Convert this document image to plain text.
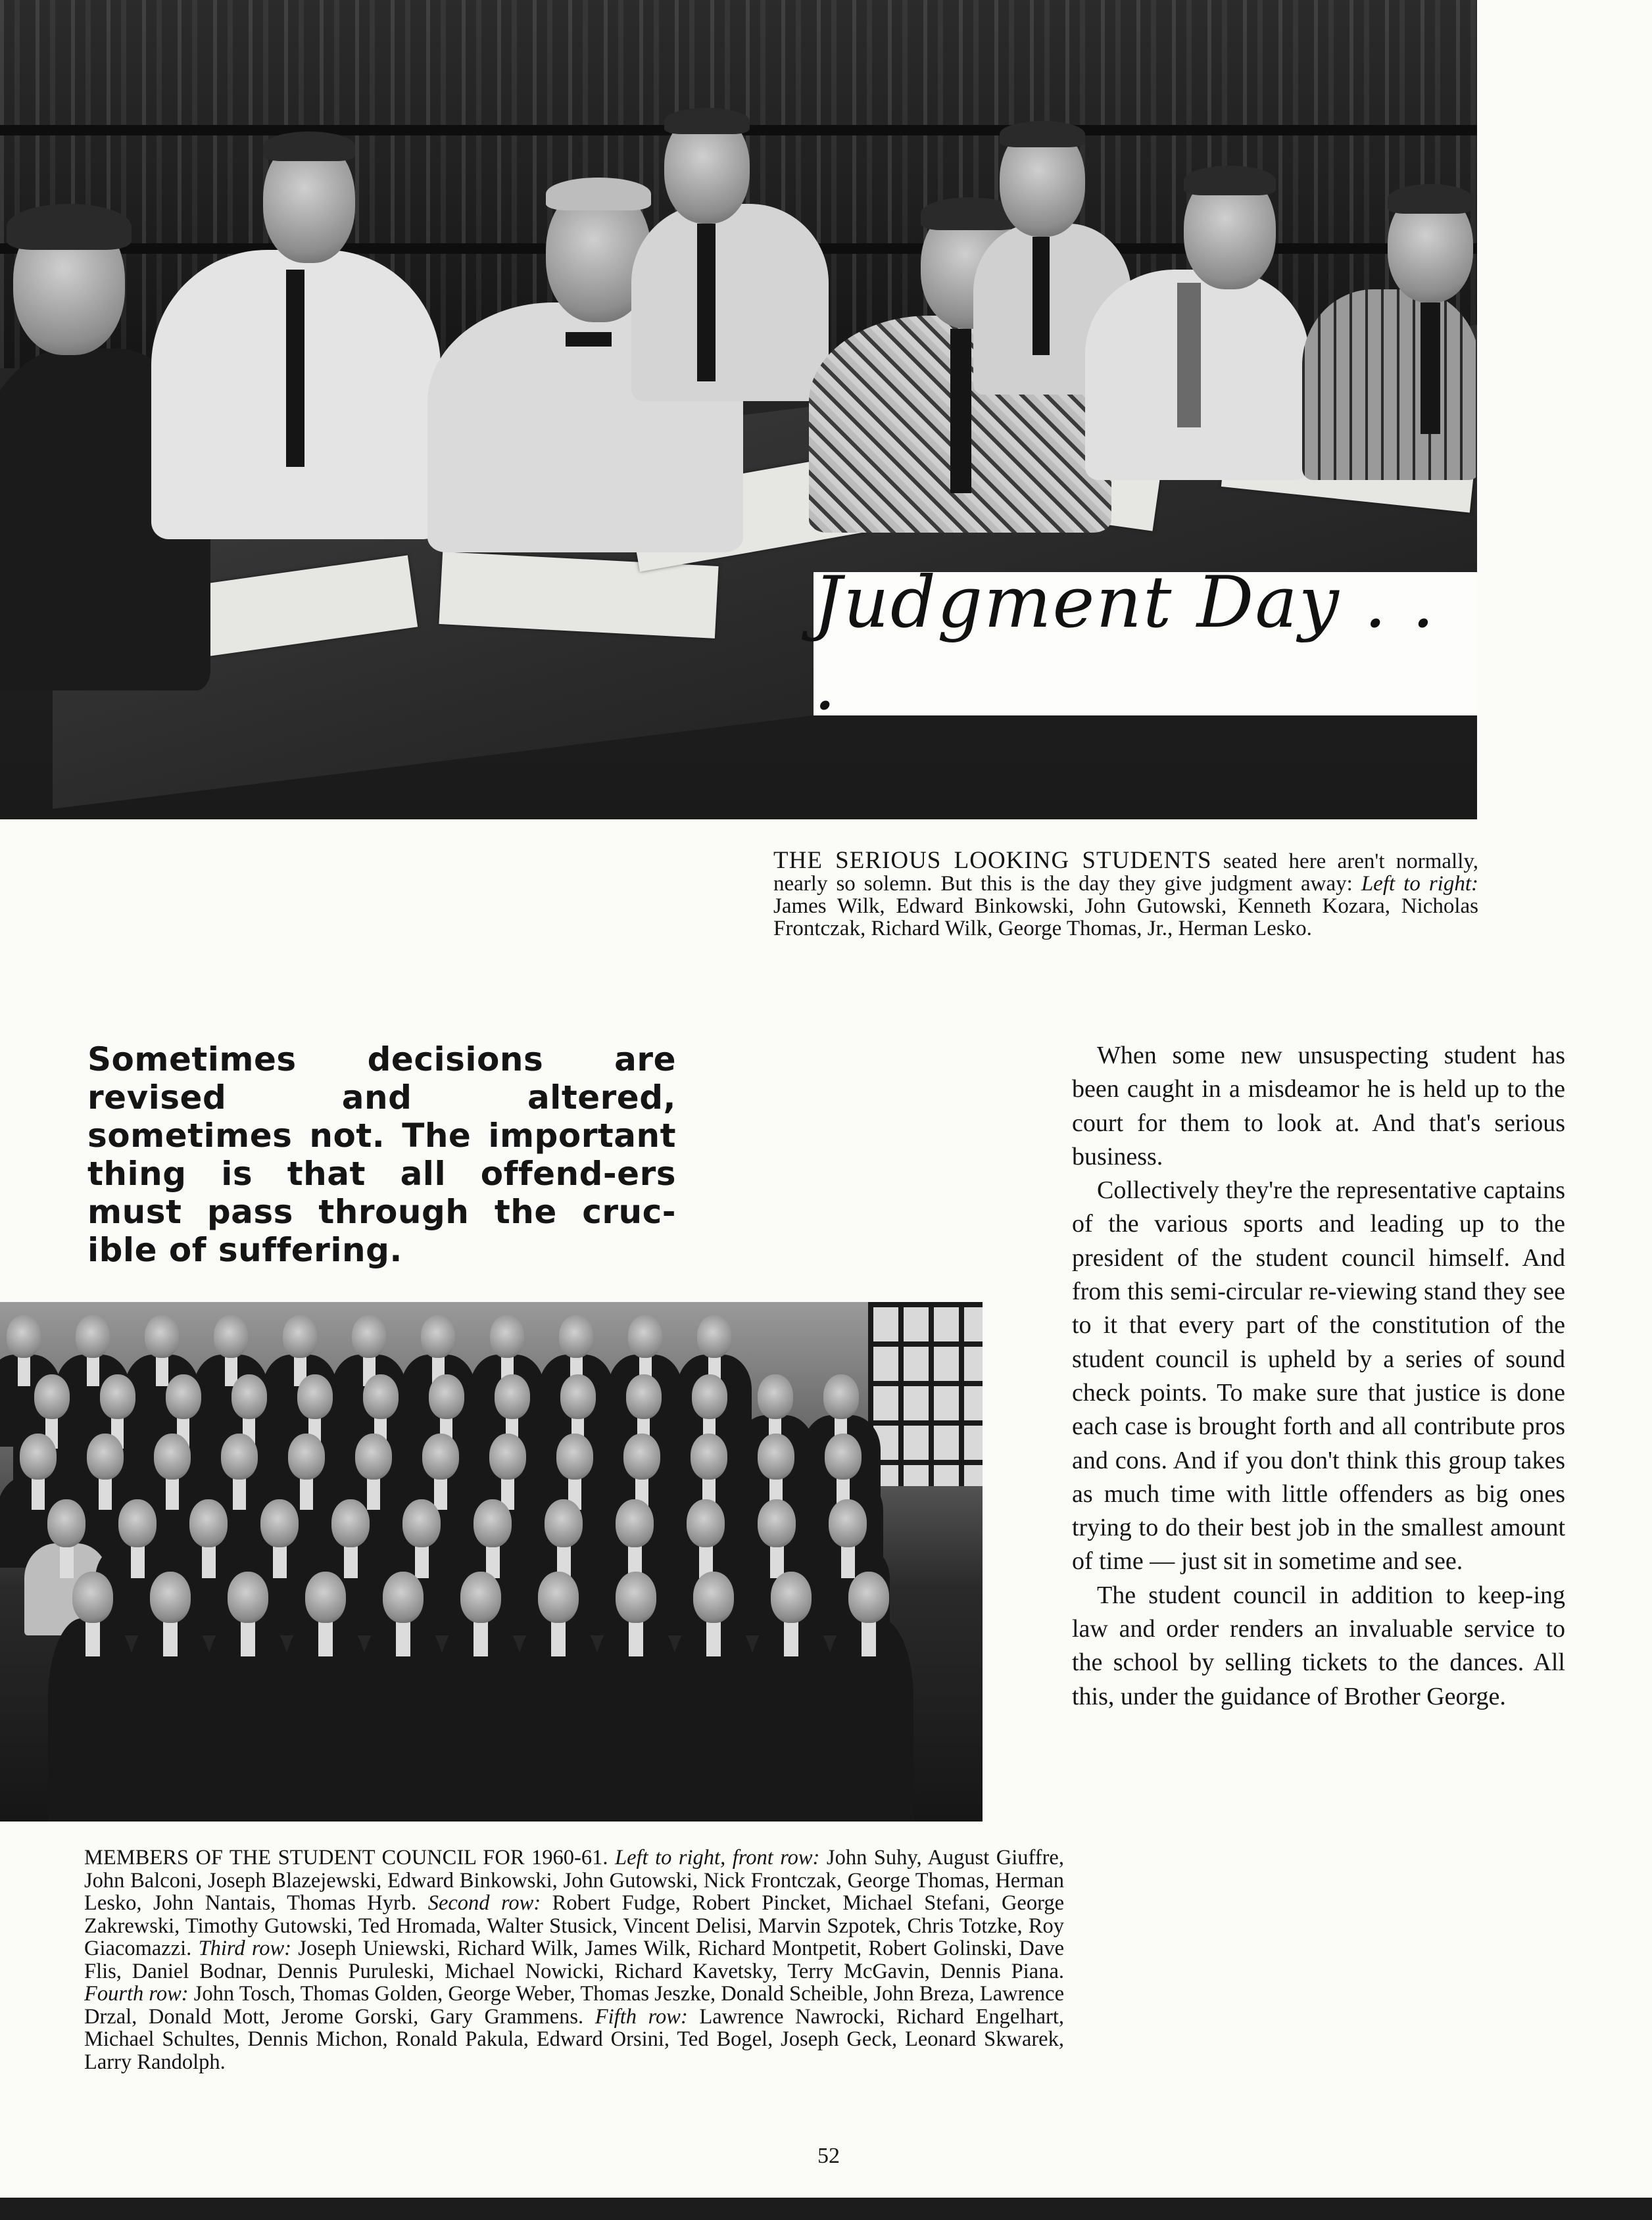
Judgment Day . . .
THE SERIOUS LOOKING STUDENTS seated here aren't normally, nearly so solemn. But this is the day they give judgment away: Left to right: James Wilk, Edward Binkowski, John Gutowski, Kenneth Kozara, Nicholas Frontczak, Richard Wilk, George Thomas, Jr., Herman Lesko.
Sometimes decisions are revised and altered, sometimes not. The important thing is that all offend-ers must pass through the cruc-ible of suffering.

When some new unsuspecting student has been caught in a misdeamor he is held up to the court for them to look at. And that's serious business.

Collectively they're the representative captains of the various sports and leading up to the president of the student council himself. And from this semi-circular re-viewing stand they see to it that every part of the constitution of the student council is upheld by a series of sound check points. To make sure that justice is done each case is brought forth and all contribute pros and cons. And if you don't think this group takes as much time with little offenders as big ones trying to do their best job in the smallest amount of time — just sit in sometime and see.

The student council in addition to keep-ing law and order renders an invaluable service to the school by selling tickets to the dances. All this, under the guidance of Brother George.

MEMBERS OF THE STUDENT COUNCIL FOR 1960-61. Left to right, front row: John Suhy, August Giuffre, John Balconi, Joseph Blazejewski, Edward Binkowski, John Gutowski, Nick Frontczak, George Thomas, Herman Lesko, John Nantais, Thomas Hyrb. Second row: Robert Fudge, Robert Pincket, Michael Stefani, George Zakrewski, Timothy Gutowski, Ted Hromada, Walter Stusick, Vincent Delisi, Marvin Szpotek, Chris Totzke, Roy Giacomazzi. Third row: Joseph Uniewski, Richard Wilk, James Wilk, Richard Montpetit, Robert Golinski, Dave Flis, Daniel Bodnar, Dennis Puruleski, Michael Nowicki, Richard Kavetsky, Terry McGavin, Dennis Piana. Fourth row: John Tosch, Thomas Golden, George Weber, Thomas Jeszke, Donald Scheible, John Breza, Lawrence Drzal, Donald Mott, Jerome Gorski, Gary Grammens. Fifth row: Lawrence Nawrocki, Richard Engelhart, Michael Schultes, Dennis Michon, Ronald Pakula, Edward Orsini, Ted Bogel, Joseph Geck, Leonard Skwarek, Larry Randolph.
52
